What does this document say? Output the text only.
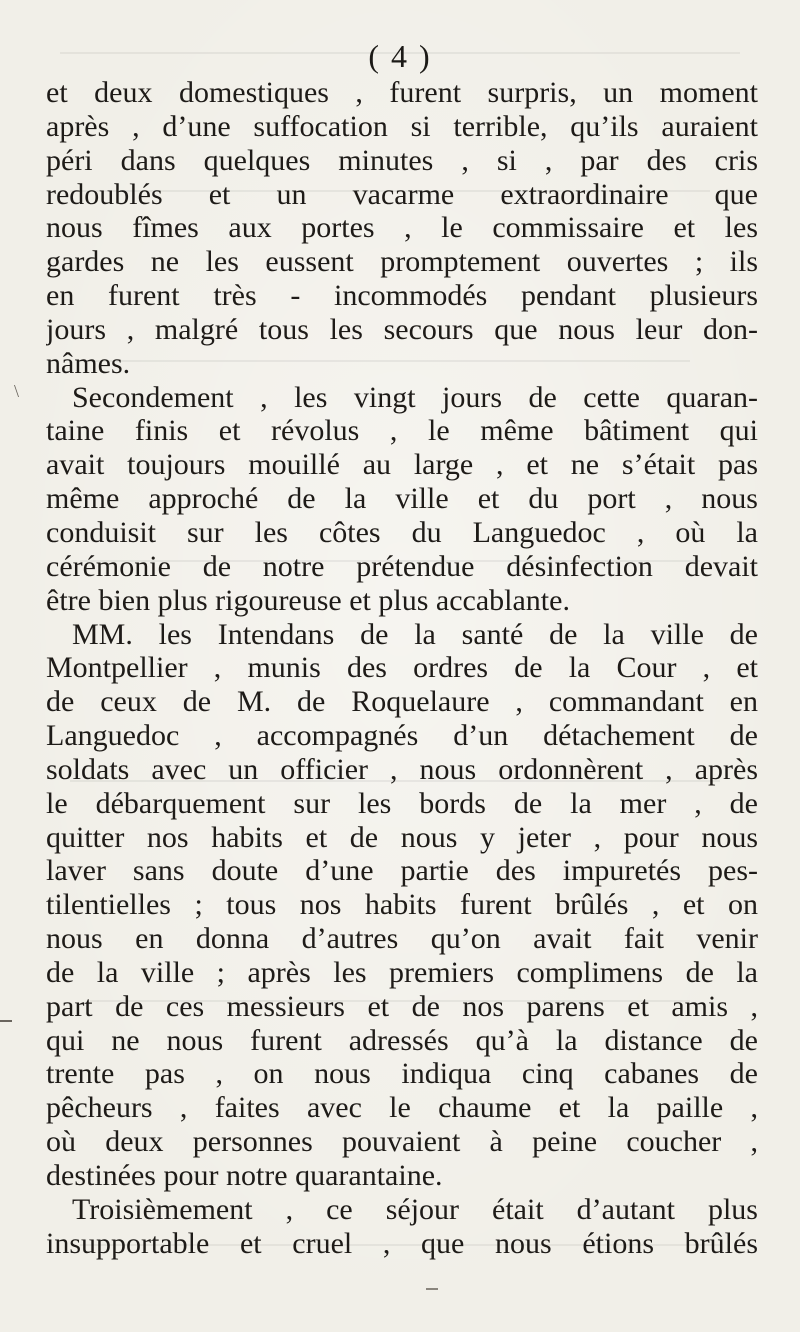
( 4 )
\
et deux domestiques , furent surpris, un moment
après , d’une suffocation si terrible, qu’ils auraient
péri dans quelques minutes , si , par des cris
redoublés et un vacarme extraordinaire que
nous fîmes aux portes , le commissaire et les
gardes ne les eussent promptement ouvertes ; ils
en furent très - incommodés pendant plusieurs
jours , malgré tous les secours que nous leur don-
nâmes.
Secondement , les vingt jours de cette quaran-
taine finis et révolus , le même bâtiment qui
avait toujours mouillé au large , et ne s’était pas
même approché de la ville et du port , nous
conduisit sur les côtes du Languedoc , où la
cérémonie de notre prétendue désinfection devait
être bien plus rigoureuse et plus accablante.
MM. les Intendans de la santé de la ville de
Montpellier , munis des ordres de la Cour , et
de ceux de M. de Roquelaure , commandant en
Languedoc , accompagnés d’un détachement de
soldats avec un officier , nous ordonnèrent , après
le débarquement sur les bords de la mer , de
quitter nos habits et de nous y jeter , pour nous
laver sans doute d’une partie des impuretés pes-
tilentielles ; tous nos habits furent brûlés , et on
nous en donna d’autres qu’on avait fait venir
de la ville ; après les premiers complimens de la
part de ces messieurs et de nos parens et amis ,
qui ne nous furent adressés qu’à la distance de
trente pas , on nous indiqua cinq cabanes de
pêcheurs , faites avec le chaume et la paille ,
où deux personnes pouvaient à peine coucher ,
destinées pour notre quarantaine.
Troisièmement , ce séjour était d’autant plus
insupportable et cruel , que nous étions brûlés
